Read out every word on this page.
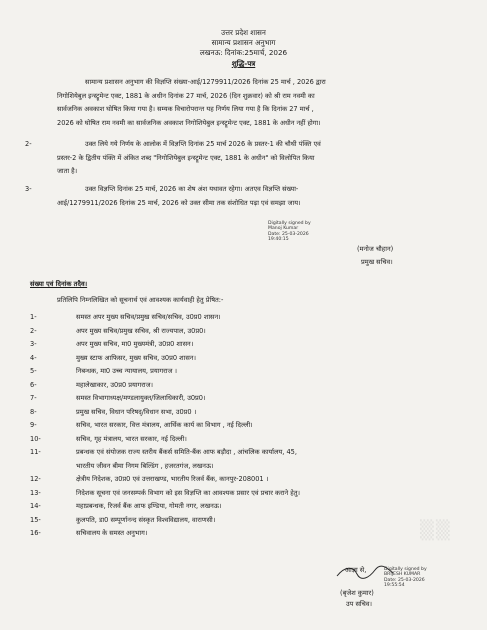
उत्तर प्रदेश शासन
सामान्य प्रशासन अनुभाग
लखनऊ: दिनांक:25मार्च, 2026
शुद्धि-पत्र
सामान्य प्रशासन अनुभाग की विज्ञप्ति संख्या-आई/1279911/2026 दिनांक 25 मार्च , 2026 द्वारा
निगोशियेबुल इन्स्ट्रूमेन्ट एक्ट, 1881 के अधीन दिनांक 27 मार्च, 2026 (दिन शुक्रवार) को श्री राम नवमी का
सार्वजनिक अवकाश घोषित किया गया है। सम्यक विचारोपरान्त यह निर्णय लिया गया है कि दिनांक 27 मार्च ,
2026 को घोषित राम नवमी का सार्वजनिक अवकाश निगोशियेबुल इन्स्ट्रूमेन्ट एक्ट, 1881 के अधीन नहीं होगा।
2-	उक्त लिये गये निर्णय के आलोक में विज्ञप्ति दिनांक 25 मार्च 2026 के प्रस्तर-1 की चौथी पंक्ति एवं
प्रस्तर-2 के द्वितीय पंक्ति में अंकित शब्द "निगोशियेबुल इन्स्ट्रूमेन्ट एक्ट, 1881 के अधीन" को विलोपित किया
जाता है।
3-	उक्त विज्ञप्ति दिनांक 25 मार्च, 2026 का शेष अंश यथावत रहेगा। अतएव विज्ञप्ति संख्या-
आई/1279911/2026 दिनांक 25 मार्च, 2026 को उक्त सीमा तक संशोधित पढ़ा एवं समझा जाय।
Digitally signed by
Manoj Kumar
Date: 25-03-2026
19:40:15
(मनोज चौहान)
प्रमुख सचिव।
संख्या एवं दिनांक तदैव।
प्रतिलिपि निम्नलिखित को सूचनार्थ एवं आवश्यक कार्यवाही हेतु प्रेषित:-
1-	समस्त अपर मुख्य सचिव/प्रमुख सचिव/सचिव, उ0प्र0 शासन।
2-	अपर मुख्य सचिव/प्रमुख सचिव, श्री राज्यपाल, उ0प्र0।
3-	अपर मुख्य सचिव, मा0 मुख्यमंत्री, उ0प्र0 शासन।
4-	मुख्य स्टाफ आफिसर, मुख्य सचिव, उ0प्र0 शासन।
5-	निबन्धक, मा0 उच्च न्यायालय, प्रयागराज ।
6-	महालेखाकार, उ0प्र0 प्रयागराज।
7-	समस्त विभागाध्यक्ष/मण्डलायुक्त/जिलाधिकारी, उ0प्र0।
8-	प्रमुख सचिव, विधान परिषद्/विधान सभा, उ0प्र0 ।
9-	सचिव, भारत सरकार, वित्त मंत्रालय, आर्थिक कार्य का विभाग , नई दिल्ली।
10-	सचिव, गृह मंत्रालय, भारत सरकार, नई दिल्ली।
11-	प्रबन्धक एवं संयोजक राज्य स्तरीय बैंकर्स समिति-बैंक आफ बड़ौदा , आंचलिक कार्यालय, 45,
भारतीय जीवन बीमा निगम बिल्डिंग , हजरतगंज, लखनऊ।
12-	क्षेत्रीय निदेशक, उ0प्र0 एवं उत्तराखण्ड, भारतीय रिजर्व बैंक, कानपुर-208001 ।
13-	निदेशक सूचना एवं जनसम्पर्क विभाग को इस विज्ञप्ति का आवश्यक प्रसार एवं प्रचार कराने हेतु।
14-	महाप्रबन्धक, रिजर्व बैंक आफ इण्डिया, गोमती नगर, लखनऊ।
15-	कुलपति, डा0 सम्पूर्णानन्द संस्कृत विश्वविद्यालय, वाराणसी।
16-	सचिवालय के समस्त अनुभाग।
आज्ञा से,	Digitally signed by
BRIJESH KUMAR
Date: 25-03-2026
19:55:54
(बृजेश कुमार)
उप सचिव।
▒▒
